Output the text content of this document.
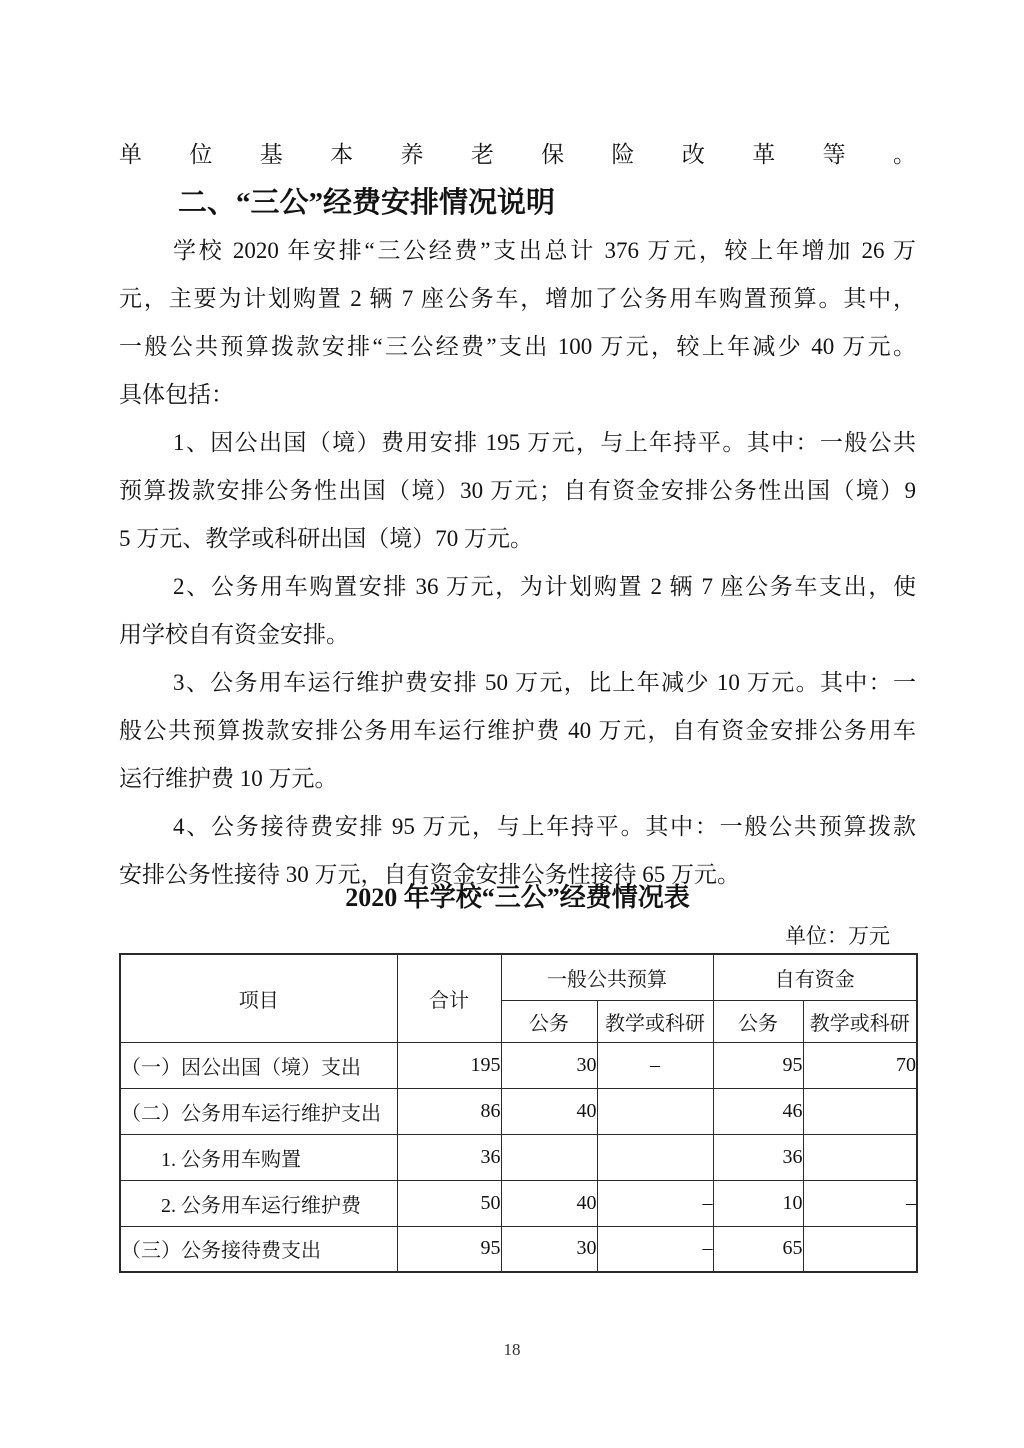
单位基本养老保险改革等。
二、“三公”经费安排情况说明
学校 2020 年安排“三公经费”支出总计 376 万元，较上年增加 26 万
元，主要为计划购置 2 辆 7 座公务车，增加了公务用车购置预算。其中，
一般公共预算拨款安排“三公经费”支出 100 万元，较上年减少 40 万元。
具体包括：
1、因公出国（境）费用安排 195 万元，与上年持平。其中：一般公共
预算拨款安排公务性出国（境）30 万元；自有资金安排公务性出国（境）9
5 万元、教学或科研出国（境）70 万元。
2、公务用车购置安排 36 万元，为计划购置 2 辆 7 座公务车支出，使
用学校自有资金安排。
3、公务用车运行维护费安排 50 万元，比上年减少 10 万元。其中：一
般公共预算拨款安排公务用车运行维护费 40 万元，自有资金安排公务用车
运行维护费 10 万元。
4、公务接待费安排 95 万元，与上年持平。其中：一般公共预算拨款
安排公务性接待 30 万元，自有资金安排公务性接待 65 万元。
2020 年学校“三公”经费情况表
单位：万元
项目	合计	一般公共预算		自有资金	
		公务	教学或科研	公务	教学或科研
（一）因公出国（境）支出	195	30	–	95	70
（二）公务用车运行维护支出	86	40		46	
1. 公务用车购置	36			36	
2. 公务用车运行维护费	50	40	–	10	–
（三）公务接待费支出	95	30	–	65	
18
